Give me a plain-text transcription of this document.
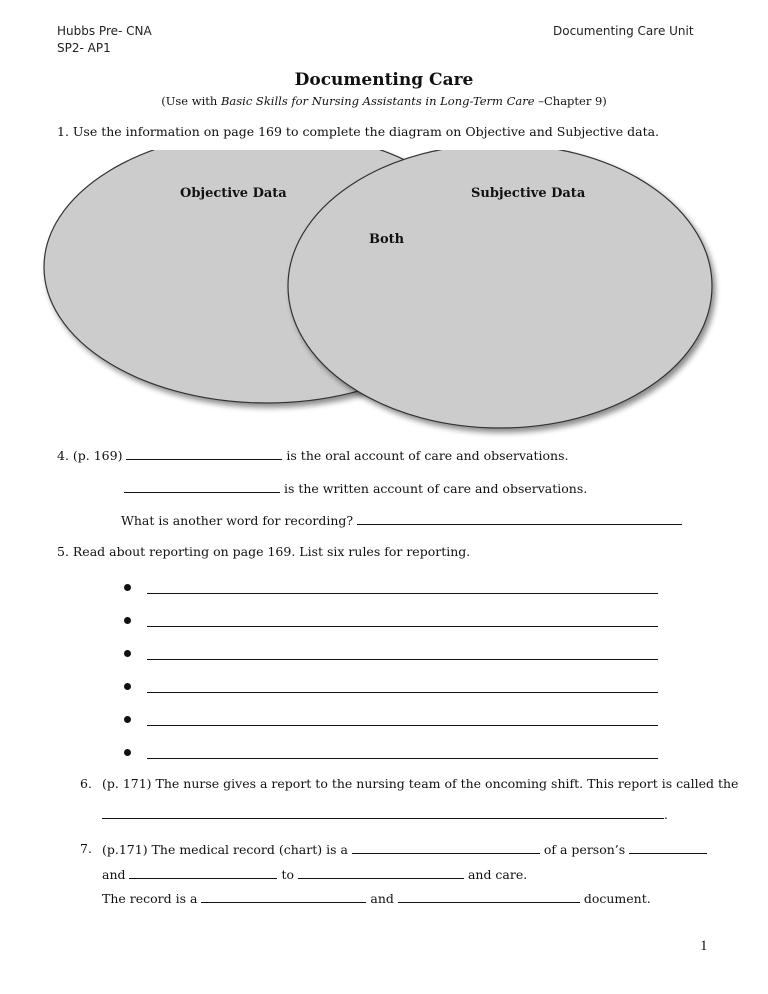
Hubbs Pre- CNA
SP2- AP1
Documenting Care Unit
Documenting Care
(Use with Basic Skills for Nursing Assistants in Long-Term Care –Chapter 9)
1. Use the information on page 169 to complete the diagram on Objective and Subjective data.
Objective Data	Subjective Data
Both
4. (p. 169)	is the oral account of care and observations.
is the written account of care and observations.
What is another word for recording?
5. Read about reporting on page 169. List six rules for reporting.
6. (p. 171) The nurse gives a report to the nursing team of the oncoming shift. This report is called the
.
7. (p.171) The medical record (chart) is a	of a person’s
and	to	and care.
The record is a	and	document.
1
